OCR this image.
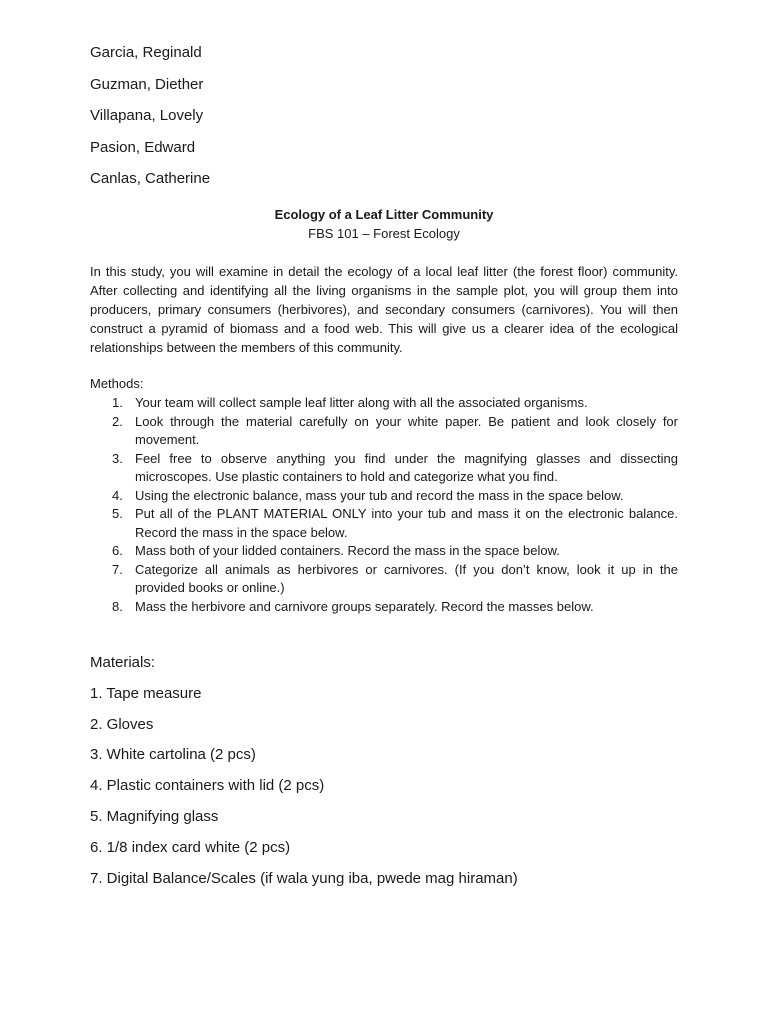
Garcia, Reginald
Guzman, Diether
Villapana, Lovely
Pasion, Edward
Canlas, Catherine
Ecology of a Leaf Litter Community
FBS 101 – Forest Ecology

In this study, you will examine in detail the ecology of a local leaf litter (the forest floor) community. After collecting and identifying all the living organisms in the sample plot, you will group them into producers, primary consumers (herbivores), and secondary consumers (carnivores). You will then construct a pyramid of biomass and a food web. This will give us a clearer idea of the ecological relationships between the members of this community.

Methods:
1. Your team will collect sample leaf litter along with all the associated organisms.
2. Look through the material carefully on your white paper. Be patient and look closely for movement.
3. Feel free to observe anything you find under the magnifying glasses and dissecting microscopes. Use plastic containers to hold and categorize what you find.
4. Using the electronic balance, mass your tub and record the mass in the space below.
5. Put all of the PLANT MATERIAL ONLY into your tub and mass it on the electronic balance. Record the mass in the space below.
6. Mass both of your lidded containers. Record the mass in the space below.
7. Categorize all animals as herbivores or carnivores. (If you don’t know, look it up in the provided books or online.)
8. Mass the herbivore and carnivore groups separately. Record the masses below.
Materials:
1. Tape measure
2. Gloves
3. White cartolina (2 pcs)
4. Plastic containers with lid (2 pcs)
5. Magnifying glass
6. 1/8 index card white (2 pcs)
7. Digital Balance/Scales (if wala yung iba, pwede mag hiraman)
